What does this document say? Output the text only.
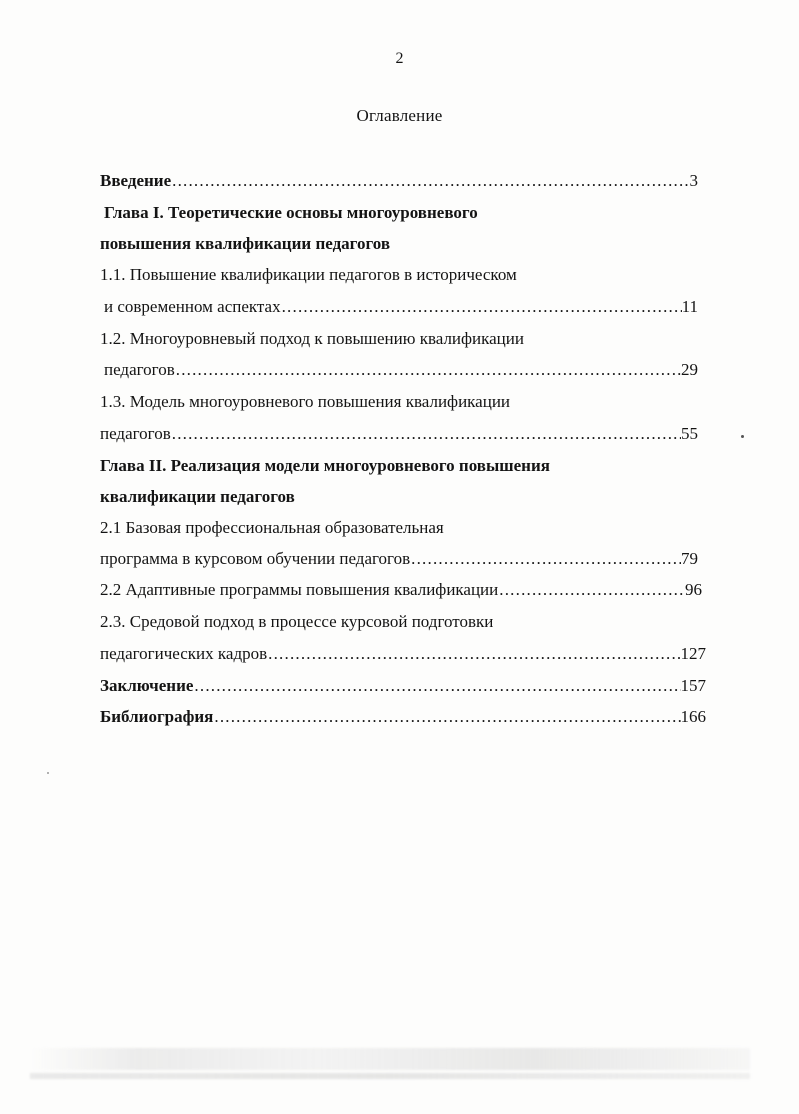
2
Оглавление
Введение .....	3
Глава I. Теоретические основы многоуровневого
повышения квалификации педагогов
1.1. Повышение квалификации педагогов в историческом
и современном аспектах .....	11
1.2. Многоуровневый подход к повышению квалификации
педагогов .....	29
1.3. Модель многоуровневого повышения квалификации
педагогов .....	55
Глава II. Реализация модели многоуровневого повышения
квалификации педагогов
2.1 Базовая профессиональная образовательная
программа в курсовом обучении педагогов .....	79
2.2 Адаптивные программы повышения квалификации .....	96
2.3. Средовой подход в процессе курсовой подготовки
педагогических кадров .....	127
Заключение .....	157
Библиография .....	166
